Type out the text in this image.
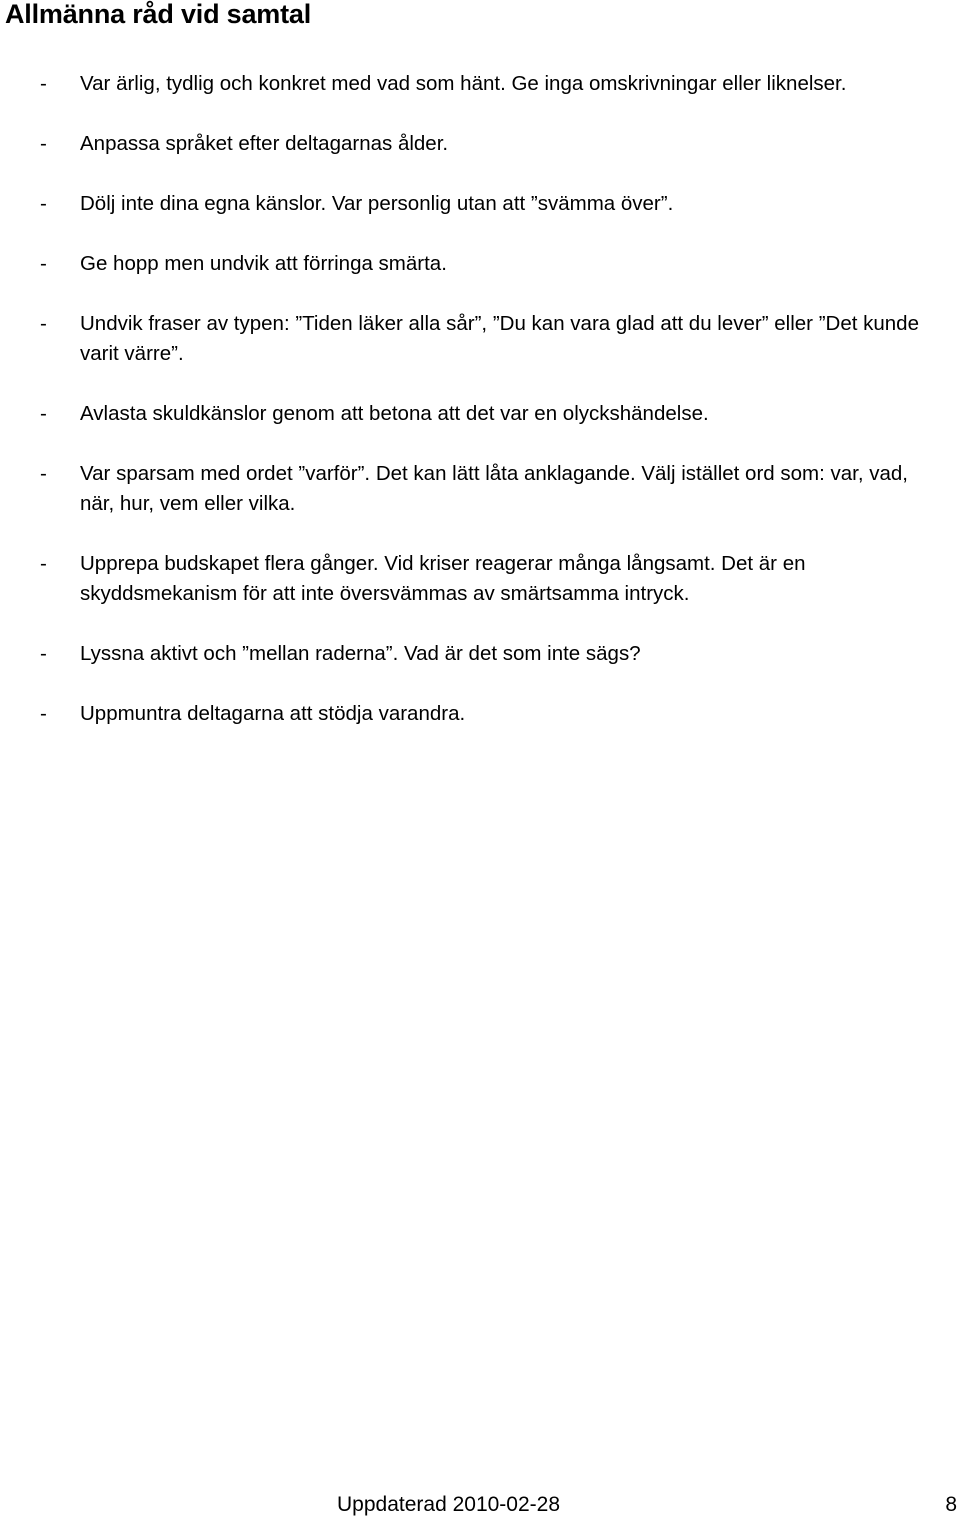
Allmänna råd vid samtal
- Var ärlig, tydlig och konkret med vad som hänt. Ge inga omskrivningar eller liknelser.
- Anpassa språket efter deltagarnas ålder.
- Dölj inte dina egna känslor. Var personlig utan att ”svämma över”.
- Ge hopp men undvik att förringa smärta.
- Undvik fraser av typen: ”Tiden läker alla sår”, ”Du kan vara glad att du lever” eller ”Det kunde varit värre”.
- Avlasta skuldkänslor genom att betona att det var en olyckshändelse.
- Var sparsam med ordet ”varför”. Det kan lätt låta anklagande. Välj istället ord som: var, vad, när, hur, vem eller vilka.
- Upprepa budskapet flera gånger. Vid kriser reagerar många långsamt. Det är en skyddsmekanism för att inte översvämmas av smärtsamma intryck.
- Lyssna aktivt och ”mellan raderna”. Vad är det som inte sägs?
- Uppmuntra deltagarna att stödja varandra.
Uppdaterad 2010-02-28	8
